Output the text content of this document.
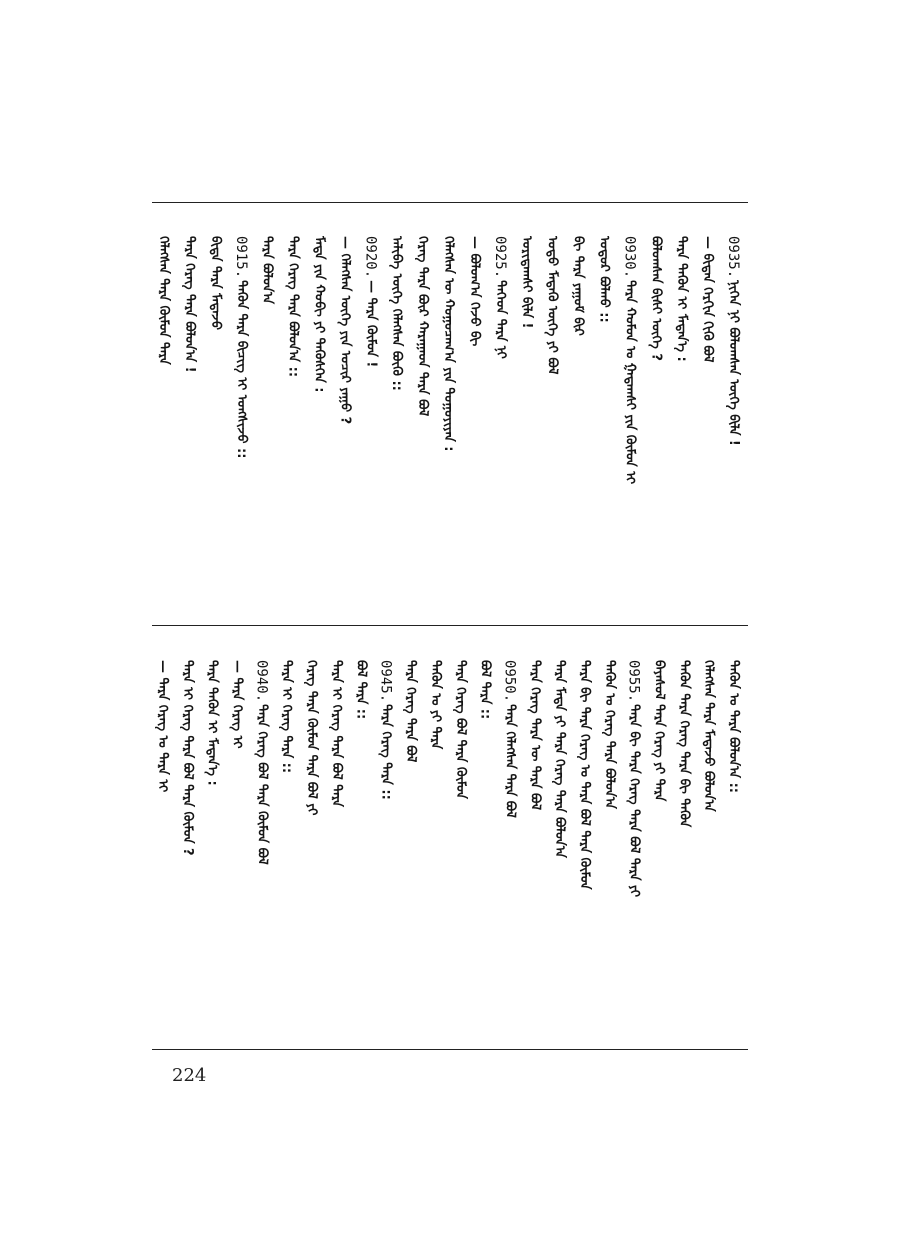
0935.ᠨᠢᠭᠡᠨ ᠨᠢ ᠪᠤᠯᠤᠭᠰᠠᠨ ᠦᠭᠡ ᠪᠢᠯᠡ !
— ᠪᠢᠳᠡᠨ ᠬᠡᠷᠬᠢᠨ ᠬᠢᠬᠦ ᠪᠣᠯ
ᠲᠡᠷᠡ ᠲᠡᠭᠦᠨ ᠢ ᠮᠡᠳᠡᠨ᠎ᠡ :
ᠪᠤᠯᠤᠭᠰᠠᠨ ᠪᠢᠰᠢ ᠦᠭᠡ ?
0930.ᠲᠡᠷᠡ ᠬᠤᠮᠤᠨ ᠤ ᠭᠠᠳᠠᠭᠰᠢ ᠶᠢᠨ ᠬᠦᠮᠦᠨ ᠢ
ᠤᠳᠤᠷ ᠪᠣᠯᠬᠤ ::
ᠪᠢ ᠲᠡᠷᠡ ᠶᠠᠭᠤᠮ ᠪᠢᠷ
ᠣᠳᠣ ᠮᠡᠳᠡᠬᠦ ᠦᠭᠡ ᠶᠢ ᠪᠣᠯ
ᠤᠷᠢᠳᠠᠭᠰᠢ ᠪᠢᠯᠡ !
0925.ᠲᠡᠭᠡᠳ ᠲᠡᠷᠡ ᠨᠢ
— ᠪᠤᠯᠤᠭ᠎ᠠ ᠭᠡᠵᠦ ᠪᠢ
ᠬᠡᠯᠡᠭᠰᠡᠨ ᠦ ᠬᠤᠭᠤᠴᠠᠭ᠎ᠠ ᠶᠢᠨ ᠳᠤᠭᠤᠶᠢᠶᠠᠨ :
ᠬᠡᠷᠡᠭ ᠲᠡᠷᠡ ᠪᠦᠷ ᠬᠠᠷᠠᠭᠠᠳ ᠲᠡᠷᠡ ᠪᠣᠯ
ᠠᠯᠢᠪᠠ ᠦᠭᠡ ᠬᠡᠯᠡᠭᠰᠡᠨ ᠪᠦᠬᠦ ::
0920.— ᠲᠡᠷᠡ ᠬᠦᠮᠦᠨ !
— ᠬᠡᠯᠡᠭᠰᠡᠨ ᠦᠭᠡ ᠶᠢᠨ ᠤᠴᠢᠷ ᠶᠠᠭᠤ ?
ᠮᠡᠳᠡ ᠶᠢᠨ ᠬᠤᠪᠢ ᠶᠢ ᠲᠡᠭᠦᠰᠬᠡᠨ :
ᠲᠡᠷᠡ ᠬᠡᠷᠡᠭ ᠲᠡᠷᠡ ᠪᠣᠯᠤᠨ᠎ᠠ ::
ᠲᠡᠷᠡ ᠪᠣᠯᠤᠨ᠎ᠠ
0915.ᠲᠡᠭᠦᠨ ᠲᠡᠷᠡ ᠪᠢᠴᠢᠭ ᠢ ᠤᠩᠰᠢᠵᠤ ::
ᠪᠢᠳᠡ ᠲᠡᠷᠡ ᠮᠡᠳᠡᠵᠦ
ᠲᠡᠷᠡ ᠬᠡᠷᠡᠭ ᠲᠡᠷᠡ ᠪᠣᠯᠤᠨ᠎ᠠ !
ᠬᠡᠯᠡᠭᠰᠡᠨ ᠲᠡᠷᠡ ᠬᠦᠮᠦᠨ ᠲᠡᠷᠡ
ᠲᠡᠭᠦᠨ ᠤ ᠲᠡᠷᠡ ᠪᠣᠯᠤᠨ᠎ᠠ ::
ᠬᠡᠯᠡᠭᠰᠡᠨ ᠲᠡᠷᠡ ᠮᠡᠳᠡᠵᠦ ᠪᠣᠯᠤᠨ᠎ᠠ
ᠲᠡᠭᠦᠨ ᠲᠡᠷᠡ ᠬᠡᠷᠡᠭ ᠲᠡᠷᠡ ᠪᠢ ᠲᠡᠭᠦᠨ
ᠪᠠᠶᠠᠰᠤᠯ ᠲᠡᠷᠡ ᠬᠡᠷᠡᠭ ᠶᠢ ᠲᠡᠷᠡ
0955.ᠲᠡᠷᠡ ᠪᠢ ᠲᠡᠷᠡ ᠬᠡᠷᠡᠭ ᠲᠡᠷᠡ ᠪᠣᠯ ᠲᠡᠷᠡ ᠶᠢ
ᠲᠡᠭᠦᠨ ᠤ ᠬᠡᠷᠡᠭ ᠲᠡᠷᠡ ᠪᠣᠯᠤᠨ᠎ᠠ
ᠲᠡᠷᠡ ᠪᠢ ᠲᠡᠷᠡ ᠬᠡᠷᠡᠭ ᠤ ᠲᠡᠷᠡ ᠪᠣᠯ ᠲᠡᠷᠡ ᠬᠦᠮᠦᠨ
ᠲᠡᠷᠡ ᠮᠡᠳᠡ ᠶᠢ ᠲᠡᠷᠡ ᠬᠡᠷᠡᠭ ᠲᠡᠷᠡ ᠪᠣᠯᠤᠨ᠎ᠠ
ᠲᠡᠷᠡ ᠬᠡᠷᠡᠭ ᠲᠡᠷᠡ ᠦ ᠲᠡᠷᠡ ᠪᠣᠯ
0950.ᠲᠡᠷᠡ ᠬᠡᠯᠡᠭᠰᠡᠨ ᠲᠡᠷᠡ ᠪᠣᠯ
ᠪᠣᠯ ᠲᠡᠷᠡ ::
ᠲᠡᠷᠡ ᠬᠡᠷᠡᠭ ᠪᠣᠯ ᠲᠡᠷᠡ ᠬᠦᠮᠦᠨ
ᠲᠡᠭᠦᠨ ᠤ ᠶᠢ ᠲᠡᠷᠡ
ᠲᠡᠷᠡ ᠬᠡᠷᠡᠭ ᠲᠡᠷᠡ ᠪᠣᠯ
0945.ᠲᠡᠷᠡ ᠬᠡᠷᠡᠭ ᠲᠡᠷᠡ ::
ᠪᠣᠯ ᠲᠡᠷᠡ ::
ᠲᠡᠷᠡ ᠢ ᠬᠡᠷᠡᠭ ᠲᠡᠷᠡ ᠪᠣᠯ ᠲᠡᠷᠡ
ᠬᠡᠷᠡᠭ ᠲᠡᠷᠡ ᠬᠦᠮᠦᠨ ᠲᠡᠷᠡ ᠪᠣᠯ ᠶᠢ
ᠲᠡᠷᠡ ᠢ ᠬᠡᠷᠡᠭ ᠲᠡᠷᠡ ::
0940.ᠲᠡᠷᠡ ᠬᠡᠷᠡᠭ ᠪᠣᠯ ᠲᠡᠷᠡ ᠬᠦᠮᠦᠨ ᠪᠣᠯ
— ᠲᠡᠷᠡ ᠬᠡᠷᠡᠭ ᠢ
ᠲᠡᠷᠡ ᠲᠡᠭᠦᠨ ᠢ ᠮᠡᠳᠡᠨ᠎ᠡ :
ᠲᠡᠷᠡ ᠢ ᠬᠡᠷᠡᠭ ᠲᠡᠷᠡ ᠪᠣᠯ ᠲᠡᠷᠡ ᠬᠦᠮᠦᠨ ?
— ᠲᠡᠷᠡ ᠬᠡᠷᠡᠭ ᠤ ᠲᠡᠷᠡ ᠢ
224
